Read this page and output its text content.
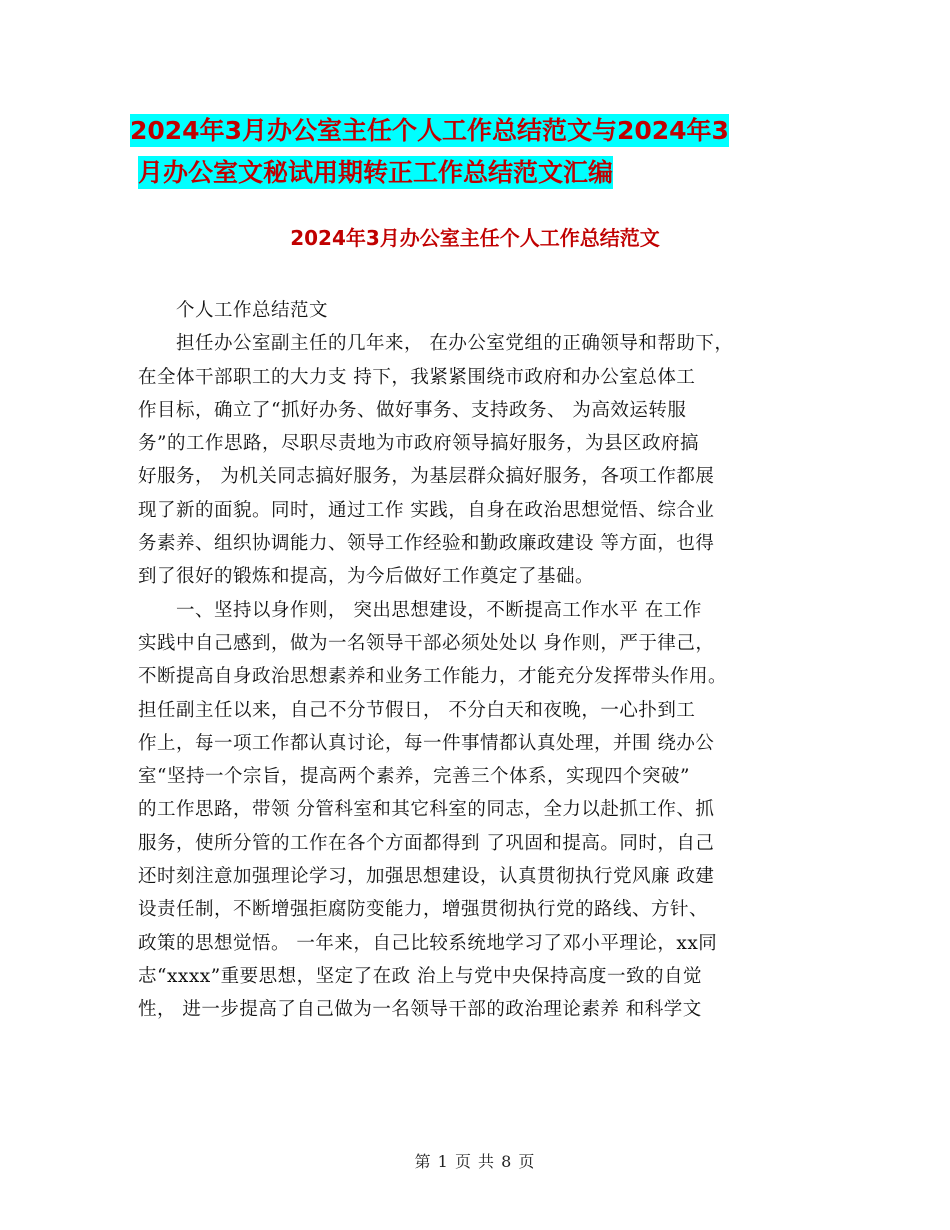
2024年3月办公室主任个人工作总结范文与2024年3
月办公室文秘试用期转正工作总结范文汇编
2024年3月办公室主任个人工作总结范文
　　个人工作总结范文
　　担任办公室副主任的几年来， 在办公室党组的正确领导和帮助下，
在全体干部职工的大力支 持下，我紧紧围绕市政府和办公室总体工
作目标，确立了“抓好办务、做好事务、支持政务、 为高效运转服
务”的工作思路，尽职尽责地为市政府领导搞好服务，为县区政府搞
好服务， 为机关同志搞好服务，为基层群众搞好服务，各项工作都展
现了新的面貌。同时，通过工作 实践，自身在政治思想觉悟、综合业
务素养、组织协调能力、领导工作经验和勤政廉政建设 等方面，也得
到了很好的锻炼和提高，为今后做好工作奠定了基础。
　　一、坚持以身作则， 突出思想建设，不断提高工作水平 在工作
实践中自己感到，做为一名领导干部必须处处以 身作则，严于律己，
不断提高自身政治思想素养和业务工作能力，才能充分发挥带头作用。
担任副主任以来，自己不分节假日， 不分白天和夜晚，一心扑到工
作上，每一项工作都认真讨论，每一件事情都认真处理，并围 绕办公
室“坚持一个宗旨，提高两个素养，完善三个体系，实现四个突破”
的工作思路，带领 分管科室和其它科室的同志，全力以赴抓工作、抓
服务，使所分管的工作在各个方面都得到 了巩固和提高。同时，自己
还时刻注意加强理论学习，加强思想建设，认真贯彻执行党风廉 政建
设责任制，不断增强拒腐防变能力，增强贯彻执行党的路线、方针、
政策的思想觉悟。 一年来，自己比较系统地学习了邓小平理论，xx同
志“xxxx”重要思想，坚定了在政 治上与党中央保持高度一致的自觉
性， 进一步提高了自己做为一名领导干部的政治理论素养 和科学文
第 1 页 共 8 页
